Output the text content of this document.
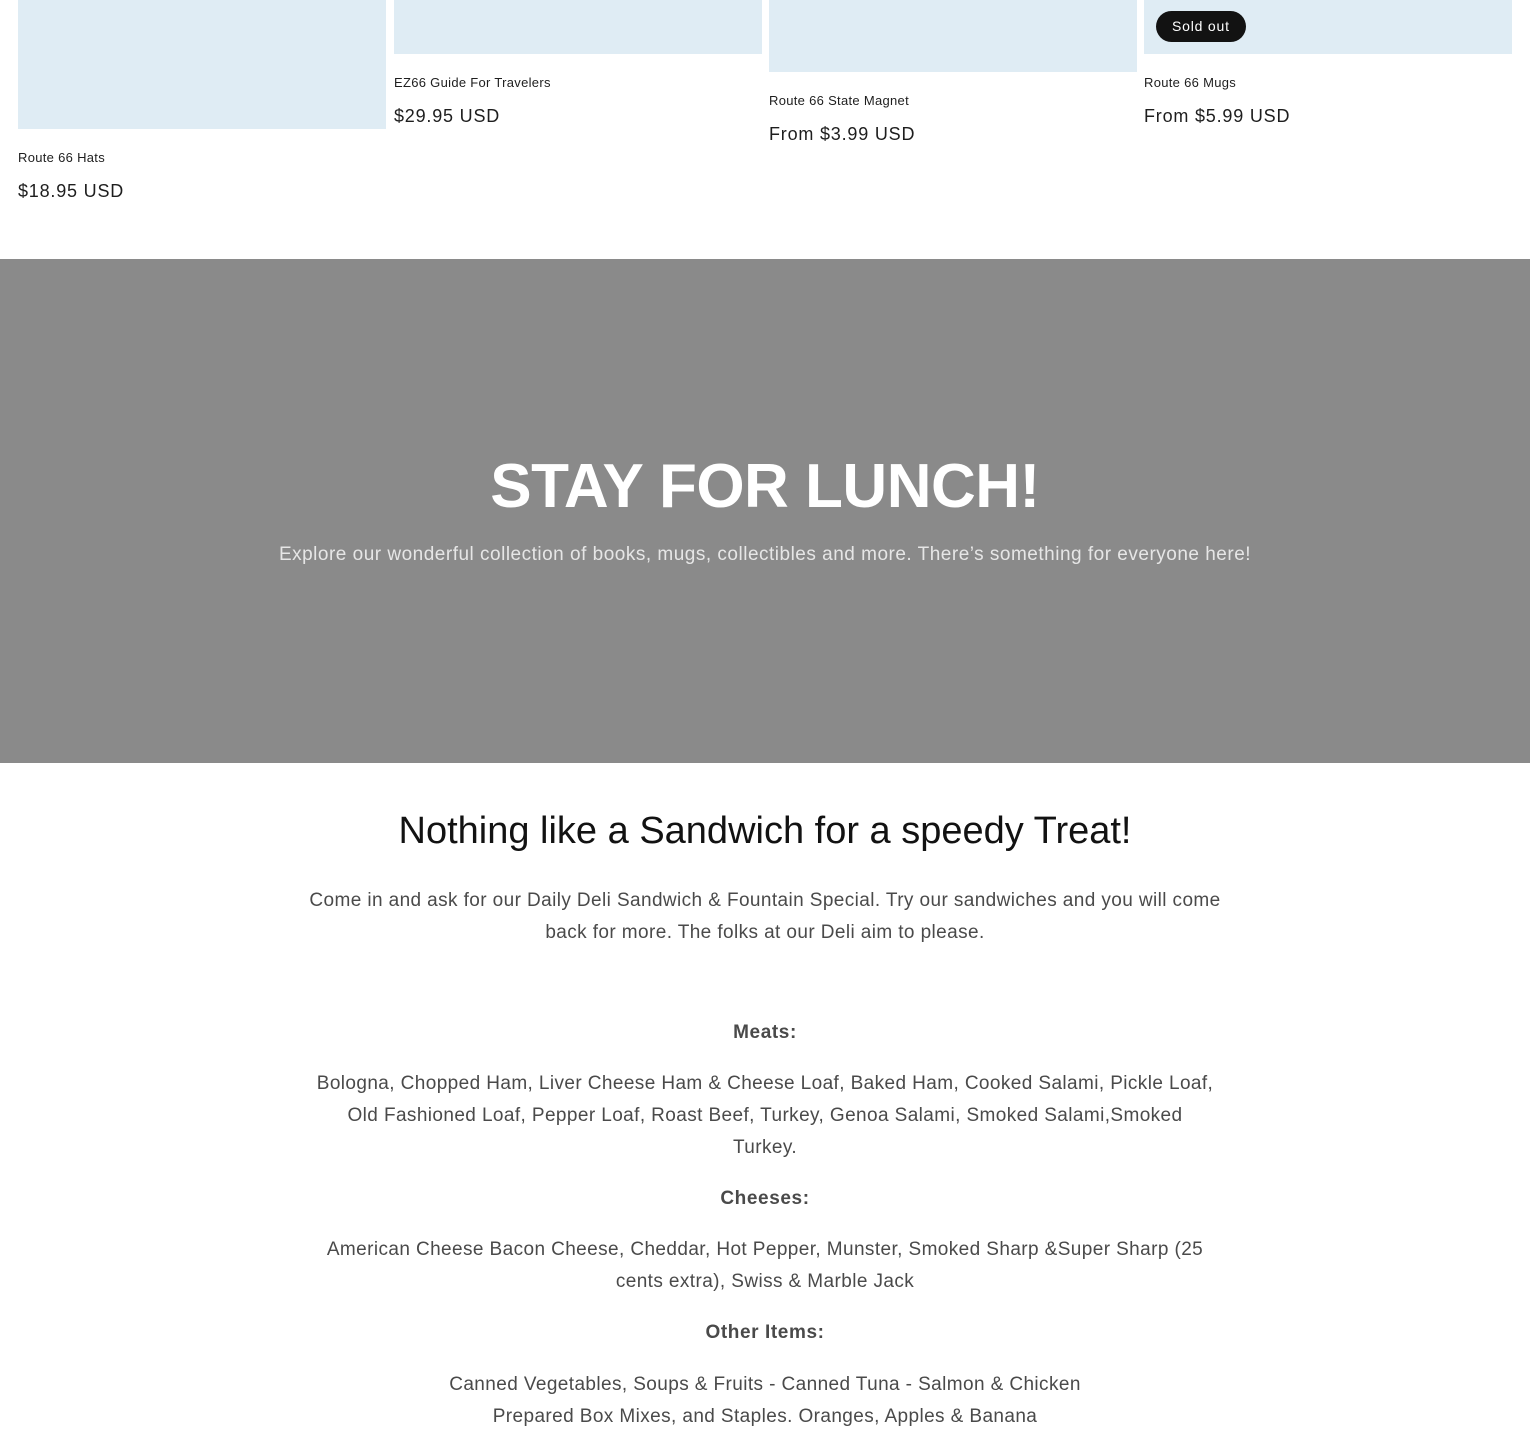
Route 66 Hats
$18.95 USD
EZ66 Guide For Travelers
$29.95 USD
Route 66 State Magnet
From $3.99 USD
Sold out
Route 66 Mugs
From $5.99 USD
STAY FOR LUNCH!

Explore our wonderful collection of books, mugs, collectibles and more. There’s something for everyone here!

Nothing like a Sandwich for a speedy Treat!
Come in and ask for our Daily Deli Sandwich & Fountain Special. Try our sandwiches and you will come back for more. The folks at our Deli aim to please.
Meats:
Bologna, Chopped Ham, Liver Cheese Ham & Cheese Loaf, Baked Ham, Cooked Salami, Pickle Loaf, Old Fashioned Loaf, Pepper Loaf, Roast Beef, Turkey, Genoa Salami, Smoked Salami,Smoked Turkey.
Cheeses:
American Cheese Bacon Cheese, Cheddar, Hot Pepper, Munster, Smoked Sharp &Super Sharp (25 cents extra), Swiss & Marble Jack
Other Items:
Canned Vegetables, Soups & Fruits - Canned Tuna - Salmon & Chicken
Prepared Box Mixes, and Staples. Oranges, Apples & Banana
